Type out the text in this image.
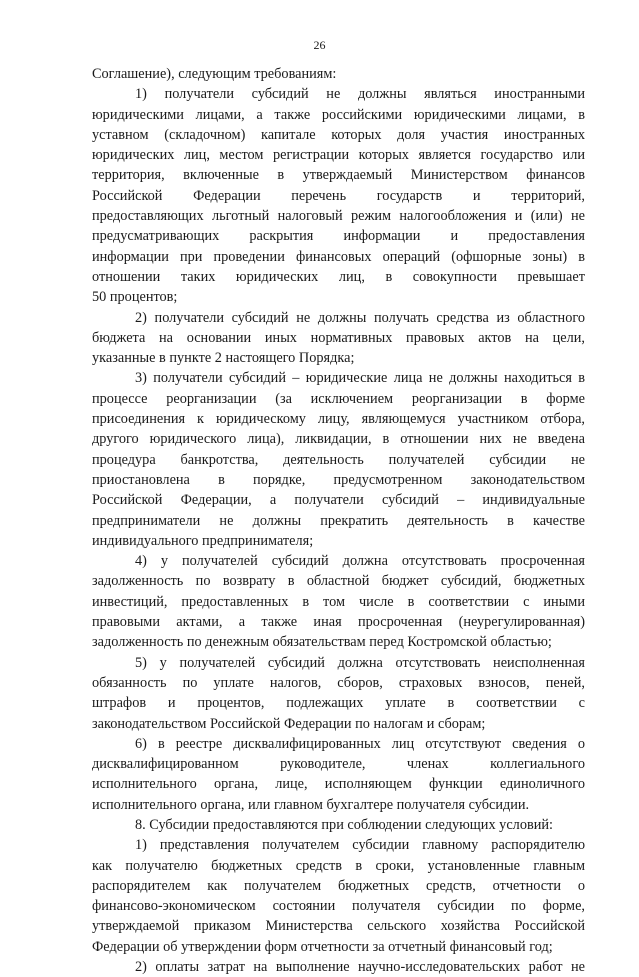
26
Соглашение), следующим требованиям:
1) получатели субсидий не должны являться иностранными
юридическими лицами, а также российскими юридическими лицами, в
уставном (складочном) капитале которых доля участия иностранных
юридических лиц, местом регистрации которых является государство или
территория, включенные в утверждаемый Министерством финансов
Российской Федерации перечень государств и территорий,
предоставляющих льготный налоговый режим налогообложения и (или) не
предусматривающих раскрытия информации и предоставления
информации при проведении финансовых операций (офшорные зоны) в
отношении таких юридических лиц, в совокупности превышает
50 процентов;
2) получатели субсидий не должны получать средства из областного
бюджета на основании иных нормативных правовых актов на цели,
указанные в пункте 2 настоящего Порядка;
3) получатели субсидий – юридические лица не должны находиться в
процессе реорганизации (за исключением реорганизации в форме
присоединения к юридическому лицу, являющемуся участником отбора,
другого юридического лица), ликвидации, в отношении них не введена
процедура банкротства, деятельность получателей субсидии не
приостановлена в порядке, предусмотренном законодательством
Российской Федерации, а получатели субсидий – индивидуальные
предприниматели не должны прекратить деятельность в качестве
индивидуального предпринимателя;
4) у получателей субсидий должна отсутствовать просроченная
задолженность по возврату в областной бюджет субсидий, бюджетных
инвестиций, предоставленных в том числе в соответствии с иными
правовыми актами, а также иная просроченная (неурегулированная)
задолженность по денежным обязательствам перед Костромской областью;
5) у получателей субсидий должна отсутствовать неисполненная
обязанность по уплате налогов, сборов, страховых взносов, пеней,
штрафов и процентов, подлежащих уплате в соответствии с
законодательством Российской Федерации по налогам и сборам;
6) в реестре дисквалифицированных лиц отсутствуют сведения о
дисквалифицированном руководителе, членах коллегиального
исполнительного органа, лице, исполняющем функции единоличного
исполнительного органа, или главном бухгалтере получателя субсидии.
8. Субсидии предоставляются при соблюдении следующих условий:
1) представления получателем субсидии главному распорядителю
как получателю бюджетных средств в сроки, установленные главным
распорядителем как получателем бюджетных средств, отчетности о
финансово-экономическом состоянии получателя субсидии по форме,
утверждаемой приказом Министерства сельского хозяйства Российской
Федерации об утверждении форм отчетности за отчетный финансовый год;
2) оплаты затрат на выполнение научно-исследовательских работ не
